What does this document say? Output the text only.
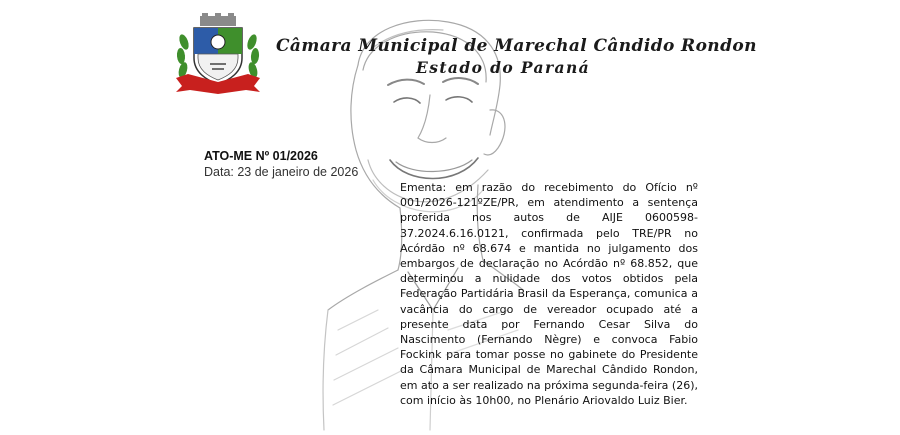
Câmara Municipal de Marechal Cândido Rondon
Estado do Paraná
ATO-ME Nº 01/2026
Data: 23 de janeiro de 2026

Ementa: em razão do recebimento do Ofício nº 001/2026-121ºZE/PR, em atendimento a sentença proferida nos autos de AIJE 0600598-37.2024.6.16.0121, confirmada pelo TRE/PR no Acórdão nº 68.674 e mantida no julgamento dos embargos de declaração no Acórdão nº 68.852, que determinou a nulidade dos votos obtidos pela Federação Partidária Brasil da Esperança, comunica a vacância do cargo de vereador ocupado até a presente data por Fernando Cesar Silva do Nascimento (Fernando Nègre) e convoca Fabio Fockink para tomar posse no gabinete do Presidente da Câmara Municipal de Marechal Cândido Rondon, em ato a ser realizado na próxima segunda-feira (26), com início às 10h00, no Plenário Ariovaldo Luiz Bier.
